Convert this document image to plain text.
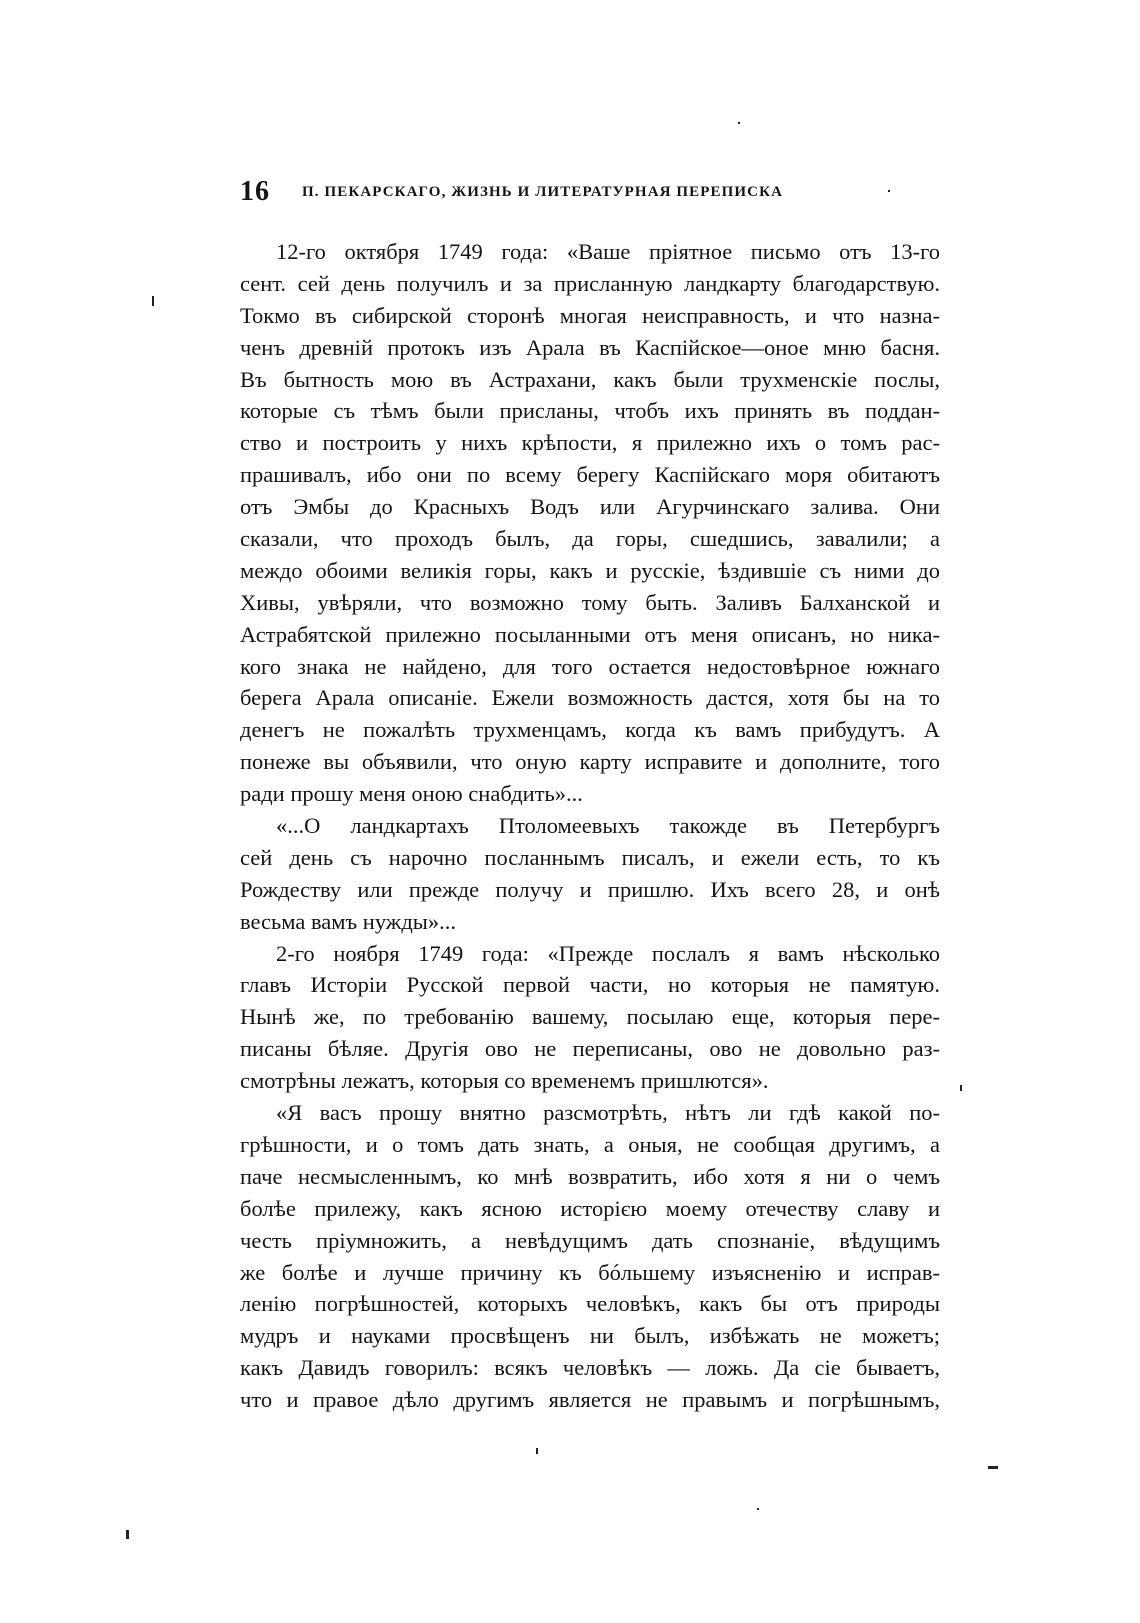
16 П. ПЕКАРСКАГО, ЖИЗНЬ И ЛИТЕРАТУРНАЯ ПЕРЕПИСКА
12-го октября 1749 года: «Ваше пріятное письмо отъ 13-го
сент. сей день получилъ и за присланную ландкарту благодарствую.
Токмо въ сибирской сторонѣ многая неисправность, и что назна-
ченъ древній протокъ изъ Арала въ Каспійское—оное мню басня.
Въ бытность мою въ Астрахани, какъ были трухменскіе послы,
которые съ тѣмъ были присланы, чтобъ ихъ принять въ поддан-
ство и построить у нихъ крѣпости, я прилежно ихъ о томъ рас-
прашивалъ, ибо они по всему берегу Каспійскаго моря обитаютъ
отъ Эмбы до Красныхъ Водъ или Агурчинскаго залива. Они
сказали, что проходъ былъ, да горы, сшедшись, завалили; а
междо обоими великія горы, какъ и русскіе, ѣздившіе съ ними до
Хивы, увѣряли, что возможно тому быть. Заливъ Балханской и
Астрабятской прилежно посыланными отъ меня описанъ, но ника-
кого знака не найдено, для того остается недостовѣрное южнаго
берега Арала описаніе. Ежели возможность дастся, хотя бы на то
денегъ не пожалѣть трухменцамъ, когда къ вамъ прибудутъ. А
понеже вы объявили, что оную карту исправите и дополните, того
ради прошу меня оною снабдить»...
«...О ландкартахъ Птоломеевыхъ такожде въ Петербургъ
сей день съ нарочно посланнымъ писалъ, и ежели есть, то къ
Рождеству или прежде получу и пришлю. Ихъ всего 28, и онѣ
весьма вамъ нужды»...
2-го ноября 1749 года: «Прежде послалъ я вамъ нѣсколько
главъ Исторіи Русской первой части, но которыя не памятую.
Нынѣ же, по требованію вашему, посылаю еще, которыя пере-
писаны бѣляе. Другія ово не переписаны, ово не довольно раз-
смотрѣны лежатъ, которыя со временемъ пришлются».
«Я васъ прошу внятно разсмотрѣть, нѣтъ ли гдѣ какой по-
грѣшности, и о томъ дать знать, а оныя, не сообщая другимъ, а
паче несмысленнымъ, ко мнѣ возвратить, ибо хотя я ни о чемъ
болѣе прилежу, какъ ясною исторією моему отечеству славу и
честь пріумножить, а невѣдущимъ дать спознаніе, вѣдущимъ
же болѣе и лучше причину къ бóльшему изъясненію и исправ-
ленію погрѣшностей, которыхъ человѣкъ, какъ бы отъ природы
мудръ и науками просвѣщенъ ни былъ, избѣжать не можетъ;
какъ Давидъ говорилъ: всякъ человѣкъ — ложь. Да сіе бываетъ,
что и правое дѣло другимъ является не правымъ и погрѣшнымъ,
